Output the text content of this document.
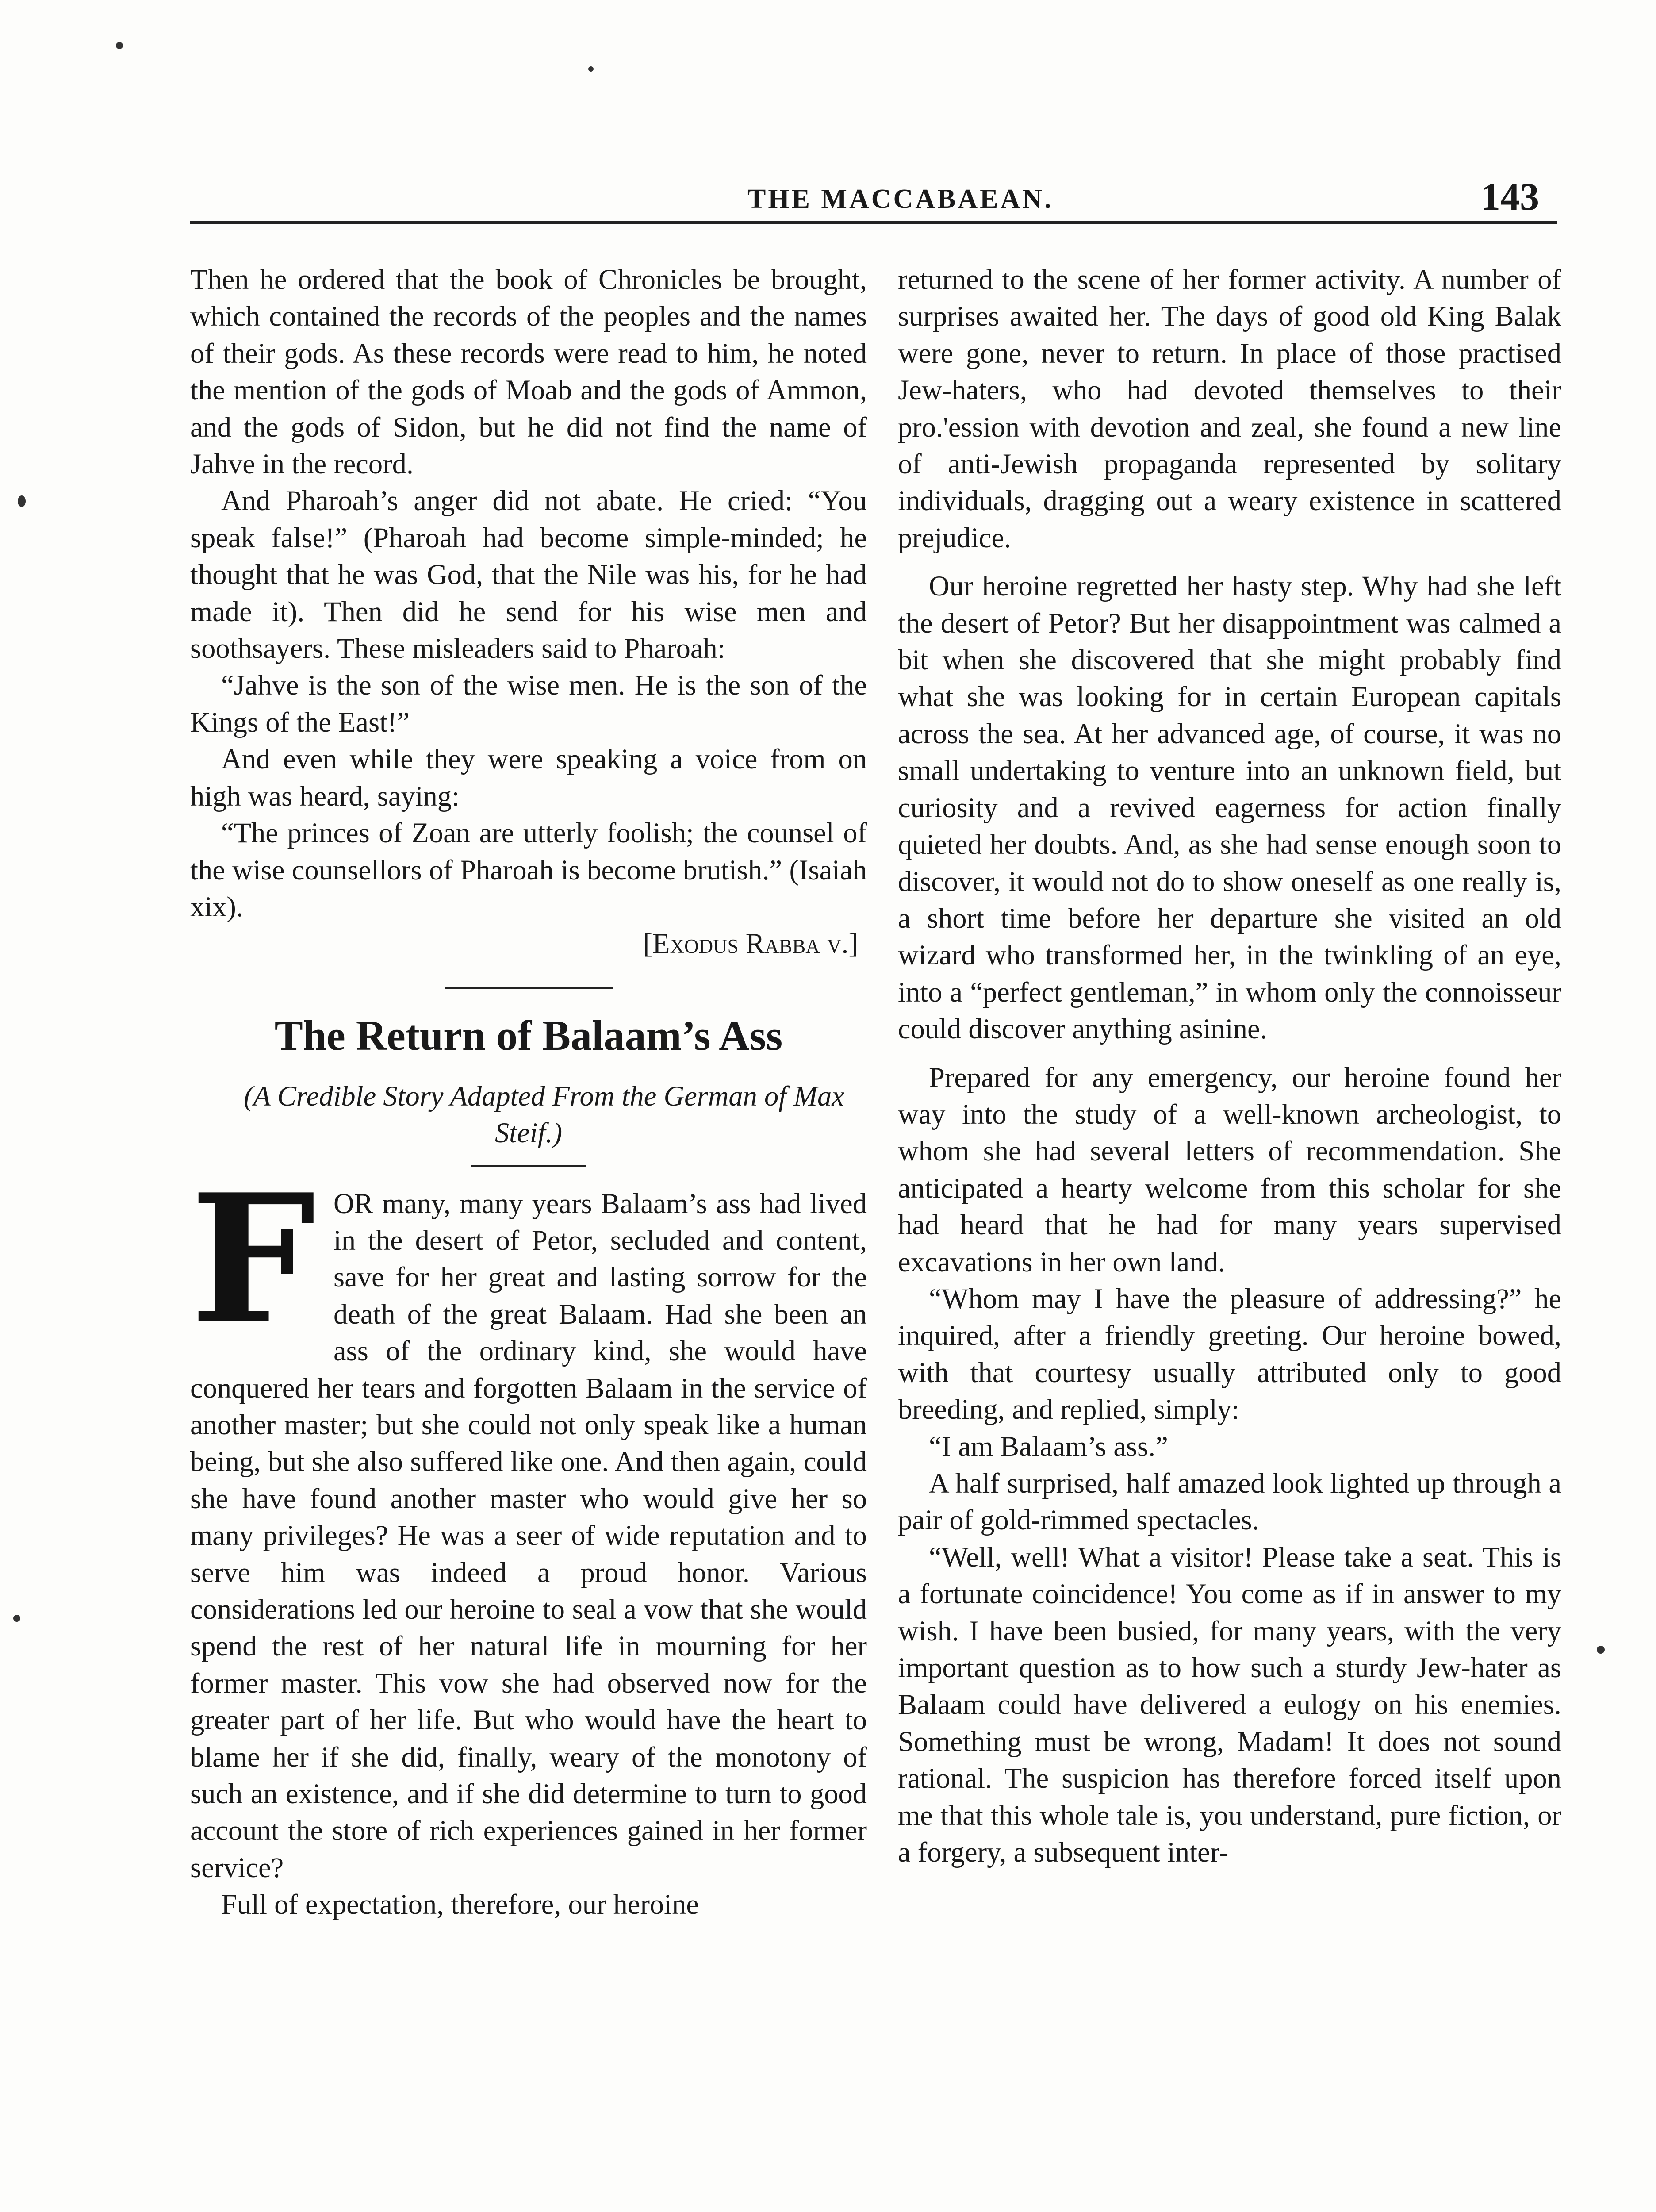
THE MACCABAEAN.	143

Then he ordered that the book of Chronicles be brought, which contained the records of the peoples and the names of their gods. As these records were read to him, he noted the mention of the gods of Moab and the gods of Ammon, and the gods of Sidon, but he did not find the name of Jahve in the record.

And Pharoah’s anger did not abate. He cried: “You speak false!” (Pharoah had become simple-minded; he thought that he was God, that the Nile was his, for he had made it). Then did he send for his wise men and soothsayers. These misleaders said to Pharoah:

“Jahve is the son of the wise men. He is the son of the Kings of the East!”

And even while they were speaking a voice from on high was heard, saying:

“The princes of Zoan are utterly foolish; the counsel of the wise counsellors of Pharoah is become brutish.” (Isaiah xix).

[Exodus Rabba v.]

The Return of Balaam’s Ass

(A Credible Story Adapted From the German of Max Steif.)

F OR many, many years Balaam’s ass had lived in the desert of Petor, secluded and content, save for her great and lasting sorrow for the death of the great Balaam. Had she been an ass of the ordinary kind, she would have conquered her tears and forgotten Balaam in the service of another master; but she could not only speak like a human being, but she also suffered like one. And then again, could she have found another master who would give her so many privileges? He was a seer of wide reputation and to serve him was indeed a proud honor. Various considerations led our heroine to seal a vow that she would spend the rest of her natural life in mourning for her former master. This vow she had observed now for the greater part of her life. But who would have the heart to blame her if she did, finally, weary of the monotony of such an existence, and if she did determine to turn to good account the store of rich experiences gained in her former service?

Full of expectation, therefore, our heroine

returned to the scene of her former activity. A number of surprises awaited her. The days of good old King Balak were gone, never to return. In place of those practised Jew-haters, who had devoted themselves to their pro.'ession with devotion and zeal, she found a new line of anti-Jewish propaganda represented by solitary individuals, dragging out a weary existence in scattered prejudice.

Our heroine regretted her hasty step. Why had she left the desert of Petor? But her disappointment was calmed a bit when she discovered that she might probably find what she was looking for in certain European capitals across the sea. At her advanced age, of course, it was no small undertaking to venture into an unknown field, but curiosity and a revived eagerness for action finally quieted her doubts. And, as she had sense enough soon to discover, it would not do to show oneself as one really is, a short time before her departure she visited an old wizard who transformed her, in the twinkling of an eye, into a “perfect gentleman,” in whom only the connoisseur could discover anything asinine.

Prepared for any emergency, our heroine found her way into the study of a well-known archeologist, to whom she had several letters of recommendation. She anticipated a hearty welcome from this scholar for she had heard that he had for many years supervised excavations in her own land.

“Whom may I have the pleasure of addressing?” he inquired, after a friendly greeting. Our heroine bowed, with that courtesy usually attributed only to good breeding, and replied, simply:

“I am Balaam’s ass.”

A half surprised, half amazed look lighted up through a pair of gold-rimmed spectacles.

“Well, well! What a visitor! Please take a seat. This is a fortunate coincidence! You come as if in answer to my wish. I have been busied, for many years, with the very important question as to how such a sturdy Jew-hater as Balaam could have delivered a eulogy on his enemies. Something must be wrong, Madam! It does not sound rational. The suspicion has therefore forced itself upon me that this whole tale is, you understand, pure fiction, or a forgery, a subsequent inter-
